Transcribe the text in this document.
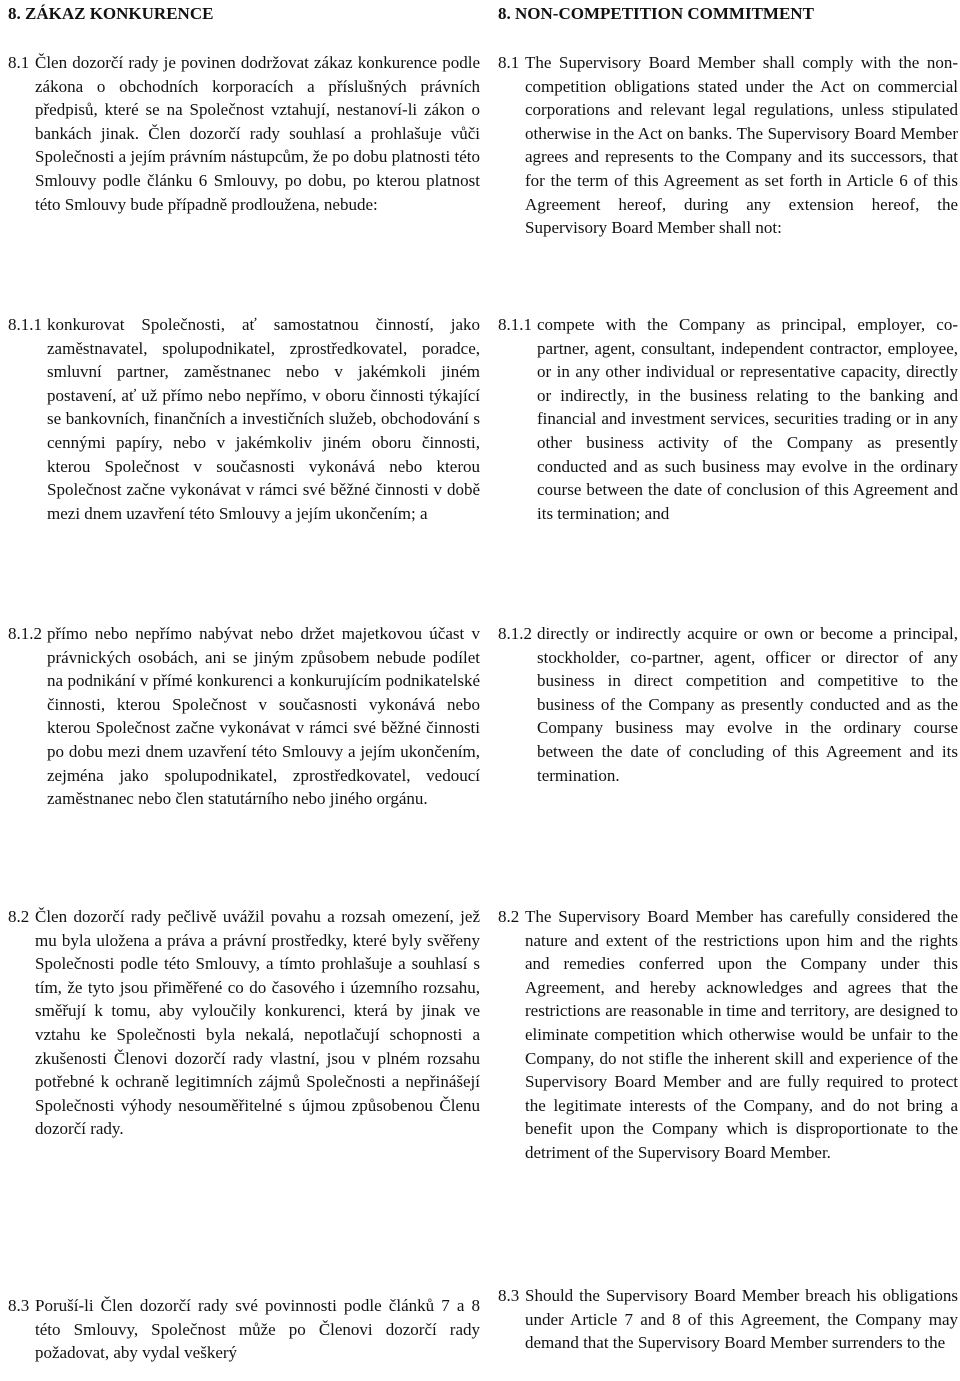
8. ZÁKAZ KONKURENCE
8.1 Člen dozorčí rady je povinen dodržovat zákaz konkurence podle zákona o obchodních korporacích a příslušných právních předpisů, které se na Společnost vztahují, nestanoví-li zákon o bankách jinak. Člen dozorčí rady souhlasí a prohlašuje vůči Společnosti a jejím právním nástupcům, že po dobu platnosti této Smlouvy podle článku 6 Smlouvy, po dobu, po kterou platnost této Smlouvy bude případně prodloužena, nebude:
8.1.1 konkurovat Společnosti, ať samostatnou činností, jako zaměstnavatel, spolupodnikatel, zprostředkovatel, poradce, smluvní partner, zaměstnanec nebo v jakémkoli jiném postavení, ať už přímo nebo nepřímo, v oboru činnosti týkající se bankovních, finančních a investičních služeb, obchodování s cennými papíry, nebo v jakémkoliv jiném oboru činnosti, kterou Společnost v současnosti vykonává nebo kterou Společnost začne vykonávat v rámci své běžné činnosti v době mezi dnem uzavření této Smlouvy a jejím ukončením; a
8.1.2 přímo nebo nepřímo nabývat nebo držet majetkovou účast v právnických osobách, ani se jiným způsobem nebude podílet na podnikání v přímé konkurenci a konkurujícím podnikatelské činnosti, kterou Společnost v současnosti vykonává nebo kterou Společnost začne vykonávat v rámci své běžné činnosti po dobu mezi dnem uzavření této Smlouvy a jejím ukončením, zejména jako spolupodnikatel, zprostředkovatel, vedoucí zaměstnanec nebo člen statutárního nebo jiného orgánu.
8.2 Člen dozorčí rady pečlivě uvážil povahu a rozsah omezení, jež mu byla uložena a práva a právní prostředky, které byly svěřeny Společnosti podle této Smlouvy, a tímto prohlašuje a souhlasí s tím, že tyto jsou přiměřené co do časového i územního rozsahu, směřují k tomu, aby vyloučily konkurenci, která by jinak ve vztahu ke Společnosti byla nekalá, nepotlačují schopnosti a zkušenosti Členovi dozorčí rady vlastní, jsou v plném rozsahu potřebné k ochraně legitimních zájmů Společnosti a nepřinášejí Společnosti výhody nesouměřitelné s újmou způsobenou Členu dozorčí rady.
8.3 Poruší-li Člen dozorčí rady své povinnosti podle článků 7 a 8 této Smlouvy, Společnost může po Členovi dozorčí rady požadovat, aby vydal veškerý
8. NON-COMPETITION COMMITMENT
8.1 The Supervisory Board Member shall comply with the non-competition obligations stated under the Act on commercial corporations and relevant legal regulations, unless stipulated otherwise in the Act on banks. The Supervisory Board Member agrees and represents to the Company and its successors, that for the term of this Agreement as set forth in Article 6 of this Agreement hereof, during any extension hereof, the Supervisory Board Member shall not:
8.1.1 compete with the Company as principal, employer, co-partner, agent, consultant, independent contractor, employee, or in any other individual or representative capacity, directly or indirectly, in the business relating to the banking and financial and investment services, securities trading or in any other business activity of the Company as presently conducted and as such business may evolve in the ordinary course between the date of conclusion of this Agreement and its termination; and
8.1.2 directly or indirectly acquire or own or become a principal, stockholder, co-partner, agent, officer or director of any business in direct competition and competitive to the business of the Company as presently conducted and as the Company business may evolve in the ordinary course between the date of concluding of this Agreement and its termination.
8.2 The Supervisory Board Member has carefully considered the nature and extent of the restrictions upon him and the rights and remedies conferred upon the Company under this Agreement, and hereby acknowledges and agrees that the restrictions are reasonable in time and territory, are designed to eliminate competition which otherwise would be unfair to the Company, do not stifle the inherent skill and experience of the Supervisory Board Member and are fully required to protect the legitimate interests of the Company, and do not bring a benefit upon the Company which is disproportionate to the detriment of the Supervisory Board Member.
8.3 Should the Supervisory Board Member breach his obligations under Article 7 and 8 of this Agreement, the Company may demand that the Supervisory Board Member surrenders to the
